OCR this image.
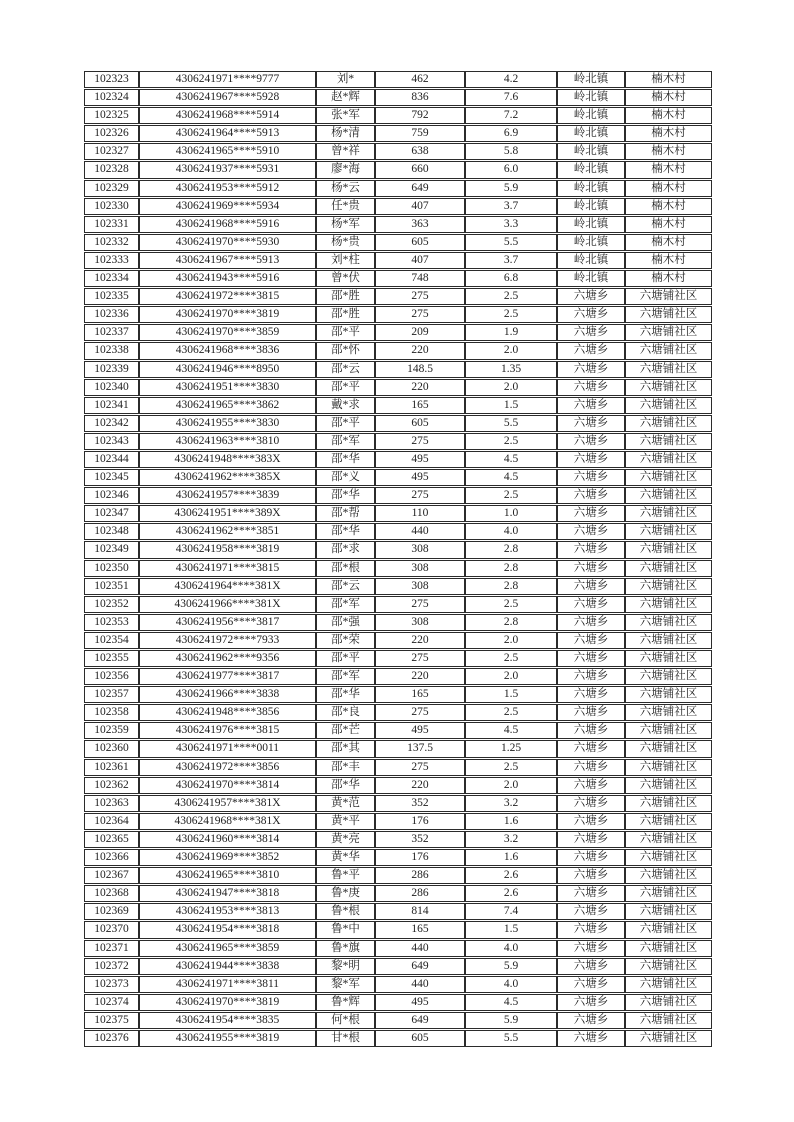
102323	4306241971****9777	刘*	462	4.2	岭北镇	楠木村
102324	4306241967****5928	赵*辉	836	7.6	岭北镇	楠木村
102325	4306241968****5914	张*军	792	7.2	岭北镇	楠木村
102326	4306241964****5913	杨*清	759	6.9	岭北镇	楠木村
102327	4306241965****5910	曾*祥	638	5.8	岭北镇	楠木村
102328	4306241937****5931	廖*海	660	6.0	岭北镇	楠木村
102329	4306241953****5912	杨*云	649	5.9	岭北镇	楠木村
102330	4306241969****5934	任*贵	407	3.7	岭北镇	楠木村
102331	4306241968****5916	杨*军	363	3.3	岭北镇	楠木村
102332	4306241970****5930	杨*贵	605	5.5	岭北镇	楠木村
102333	4306241967****5913	刘*柱	407	3.7	岭北镇	楠木村
102334	4306241943****5916	曾*伏	748	6.8	岭北镇	楠木村
102335	4306241972****3815	邵*胜	275	2.5	六塘乡	六塘铺社区
102336	4306241970****3819	邵*胜	275	2.5	六塘乡	六塘铺社区
102337	4306241970****3859	邵*平	209	1.9	六塘乡	六塘铺社区
102338	4306241968****3836	邵*怀	220	2.0	六塘乡	六塘铺社区
102339	4306241946****8950	邵*云	148.5	1.35	六塘乡	六塘铺社区
102340	4306241951****3830	邵*平	220	2.0	六塘乡	六塘铺社区
102341	4306241965****3862	戴*求	165	1.5	六塘乡	六塘铺社区
102342	4306241955****3830	邵*平	605	5.5	六塘乡	六塘铺社区
102343	4306241963****3810	邵*军	275	2.5	六塘乡	六塘铺社区
102344	4306241948****383X	邵*华	495	4.5	六塘乡	六塘铺社区
102345	4306241962****385X	邵*义	495	4.5	六塘乡	六塘铺社区
102346	4306241957****3839	邵*华	275	2.5	六塘乡	六塘铺社区
102347	4306241951****389X	邵*帮	110	1.0	六塘乡	六塘铺社区
102348	4306241962****3851	邵*华	440	4.0	六塘乡	六塘铺社区
102349	4306241958****3819	邵*求	308	2.8	六塘乡	六塘铺社区
102350	4306241971****3815	邵*根	308	2.8	六塘乡	六塘铺社区
102351	4306241964****381X	邵*云	308	2.8	六塘乡	六塘铺社区
102352	4306241966****381X	邵*军	275	2.5	六塘乡	六塘铺社区
102353	4306241956****3817	邵*强	308	2.8	六塘乡	六塘铺社区
102354	4306241972****7933	邵*荣	220	2.0	六塘乡	六塘铺社区
102355	4306241962****9356	邵*平	275	2.5	六塘乡	六塘铺社区
102356	4306241977****3817	邵*军	220	2.0	六塘乡	六塘铺社区
102357	4306241966****3838	邵*华	165	1.5	六塘乡	六塘铺社区
102358	4306241948****3856	邵*良	275	2.5	六塘乡	六塘铺社区
102359	4306241976****3815	邵*芒	495	4.5	六塘乡	六塘铺社区
102360	4306241971****0011	邵*其	137.5	1.25	六塘乡	六塘铺社区
102361	4306241972****3856	邵*丰	275	2.5	六塘乡	六塘铺社区
102362	4306241970****3814	邵*华	220	2.0	六塘乡	六塘铺社区
102363	4306241957****381X	黄*范	352	3.2	六塘乡	六塘铺社区
102364	4306241968****381X	黄*平	176	1.6	六塘乡	六塘铺社区
102365	4306241960****3814	黄*亮	352	3.2	六塘乡	六塘铺社区
102366	4306241969****3852	黄*华	176	1.6	六塘乡	六塘铺社区
102367	4306241965****3810	鲁*平	286	2.6	六塘乡	六塘铺社区
102368	4306241947****3818	鲁*庚	286	2.6	六塘乡	六塘铺社区
102369	4306241953****3813	鲁*根	814	7.4	六塘乡	六塘铺社区
102370	4306241954****3818	鲁*中	165	1.5	六塘乡	六塘铺社区
102371	4306241965****3859	鲁*旗	440	4.0	六塘乡	六塘铺社区
102372	4306241944****3838	黎*明	649	5.9	六塘乡	六塘铺社区
102373	4306241971****3811	黎*军	440	4.0	六塘乡	六塘铺社区
102374	4306241970****3819	鲁*辉	495	4.5	六塘乡	六塘铺社区
102375	4306241954****3835	何*根	649	5.9	六塘乡	六塘铺社区
102376	4306241955****3819	甘*根	605	5.5	六塘乡	六塘铺社区
